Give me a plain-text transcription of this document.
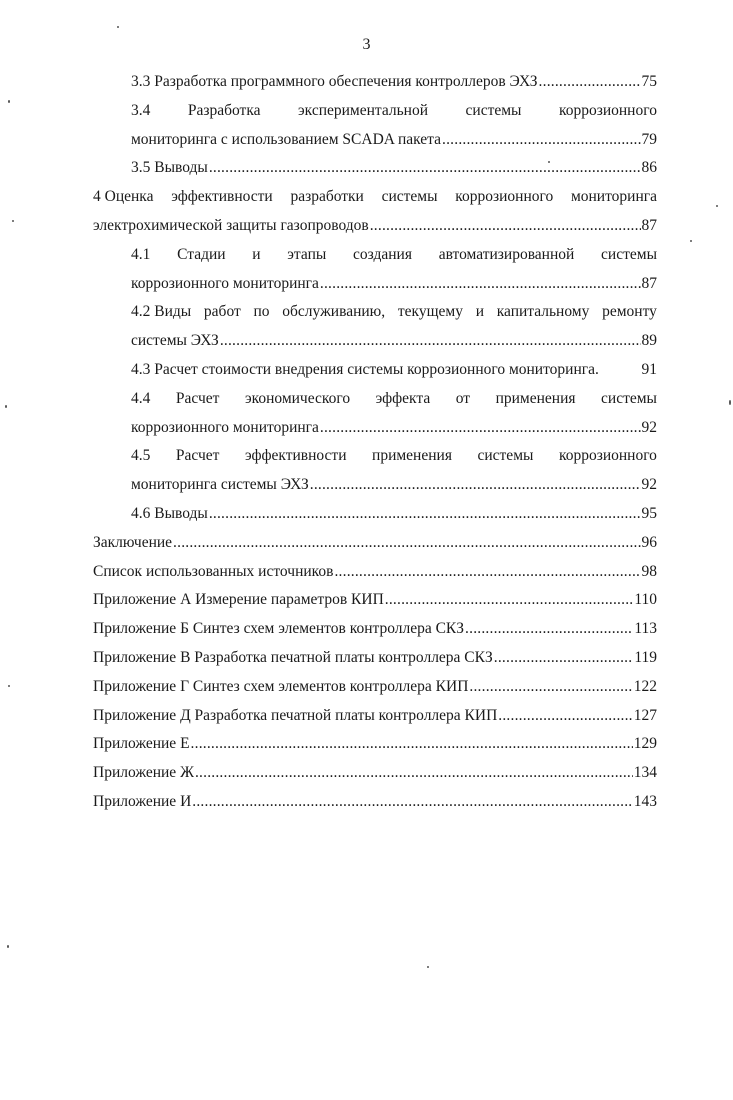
3
3.3 Разработка программного обеспечения контроллеров ЭХЗ .....	75
3.4 Разработка экспериментальной системы коррозионного
мониторинга с использованием SCADA пакета .....	79
3.5 Выводы .....	86
4 Оценка эффективности разработки системы коррозионного мониторинга
электрохимической защиты газопроводов .....	87
4.1 Стадии и этапы создания автоматизированной системы
коррозионного мониторинга .....	87
4.2 Виды работ по обслуживанию, текущему и капитальному ремонту
системы ЭХЗ .....	89
4.3 Расчет стоимости внедрения системы коррозионного мониторинга.	91
4.4 Расчет экономического эффекта от применения системы
коррозионного мониторинга .....	92
4.5 Расчет эффективности применения системы коррозионного
мониторинга системы ЭХЗ .....	92
4.6 Выводы .....	95
Заключение .....	96
Список использованных источников .....	98
Приложение А Измерение параметров КИП .....	110
Приложение Б Синтез схем элементов контроллера СКЗ .....	113
Приложение В Разработка печатной платы контроллера СКЗ .....	119
Приложение Г Синтез схем элементов контроллера КИП .....	122
Приложение Д Разработка печатной платы контроллера КИП .....	127
Приложение Е .....	129
Приложение Ж .....	134
Приложение И .....	143
